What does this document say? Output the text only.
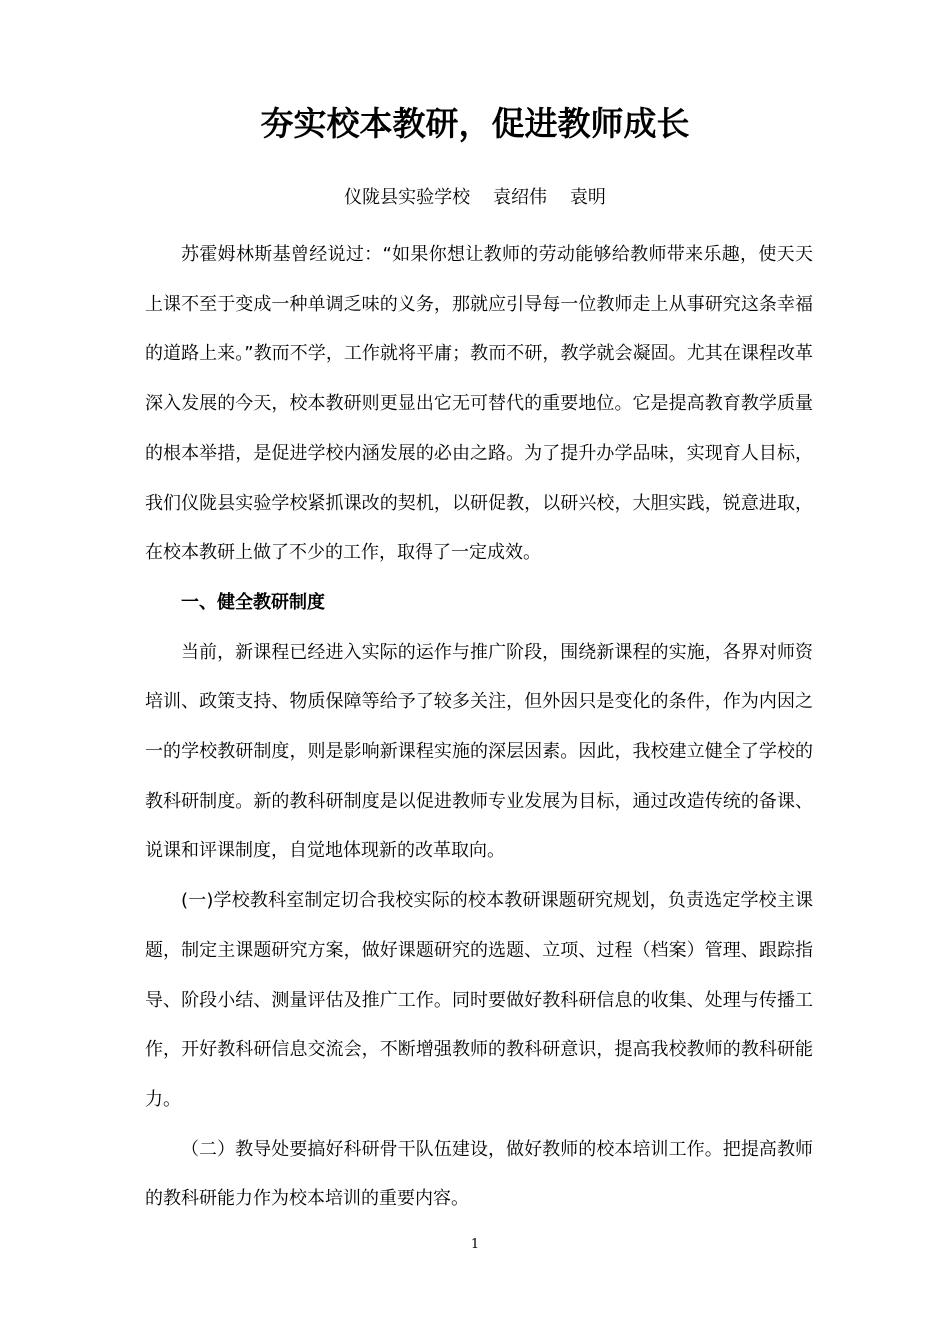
夯实校本教研，促进教师成长
仪陇县实验学校    袁绍伟    袁明

苏霍姆林斯基曾经说过：“如果你想让教师的劳动能够给教师带来乐趣，使天天上课不至于变成一种单调乏味的义务，那就应引导每一位教师走上从事研究这条幸福的道路上来。”教而不学，工作就将平庸；教而不研，教学就会凝固。尤其在课程改革深入发展的今天，校本教研则更显出它无可替代的重要地位。它是提高教育教学质量的根本举措，是促进学校内涵发展的必由之路。为了提升办学品味，实现育人目标，我们仪陇县实验学校紧抓课改的契机，以研促教，以研兴校，大胆实践，锐意进取，在校本教研上做了不少的工作，取得了一定成效。

一、健全教研制度

当前，新课程已经进入实际的运作与推广阶段，围绕新课程的实施，各界对师资培训、政策支持、物质保障等给予了较多关注，但外因只是变化的条件，作为内因之一的学校教研制度，则是影响新课程实施的深层因素。因此，我校建立健全了学校的教科研制度。新的教科研制度是以促进教师专业发展为目标，通过改造传统的备课、说课和评课制度，自觉地体现新的改革取向。

(一)学校教科室制定切合我校实际的校本教研课题研究规划，负责选定学校主课题，制定主课题研究方案，做好课题研究的选题、立项、过程（档案）管理、跟踪指导、阶段小结、测量评估及推广工作。同时要做好教科研信息的收集、处理与传播工作，开好教科研信息交流会，不断增强教师的教科研意识，提高我校教师的教科研能力。

（二）教导处要搞好科研骨干队伍建设，做好教师的校本培训工作。把提高教师的教科研能力作为校本培训的重要内容。

1
